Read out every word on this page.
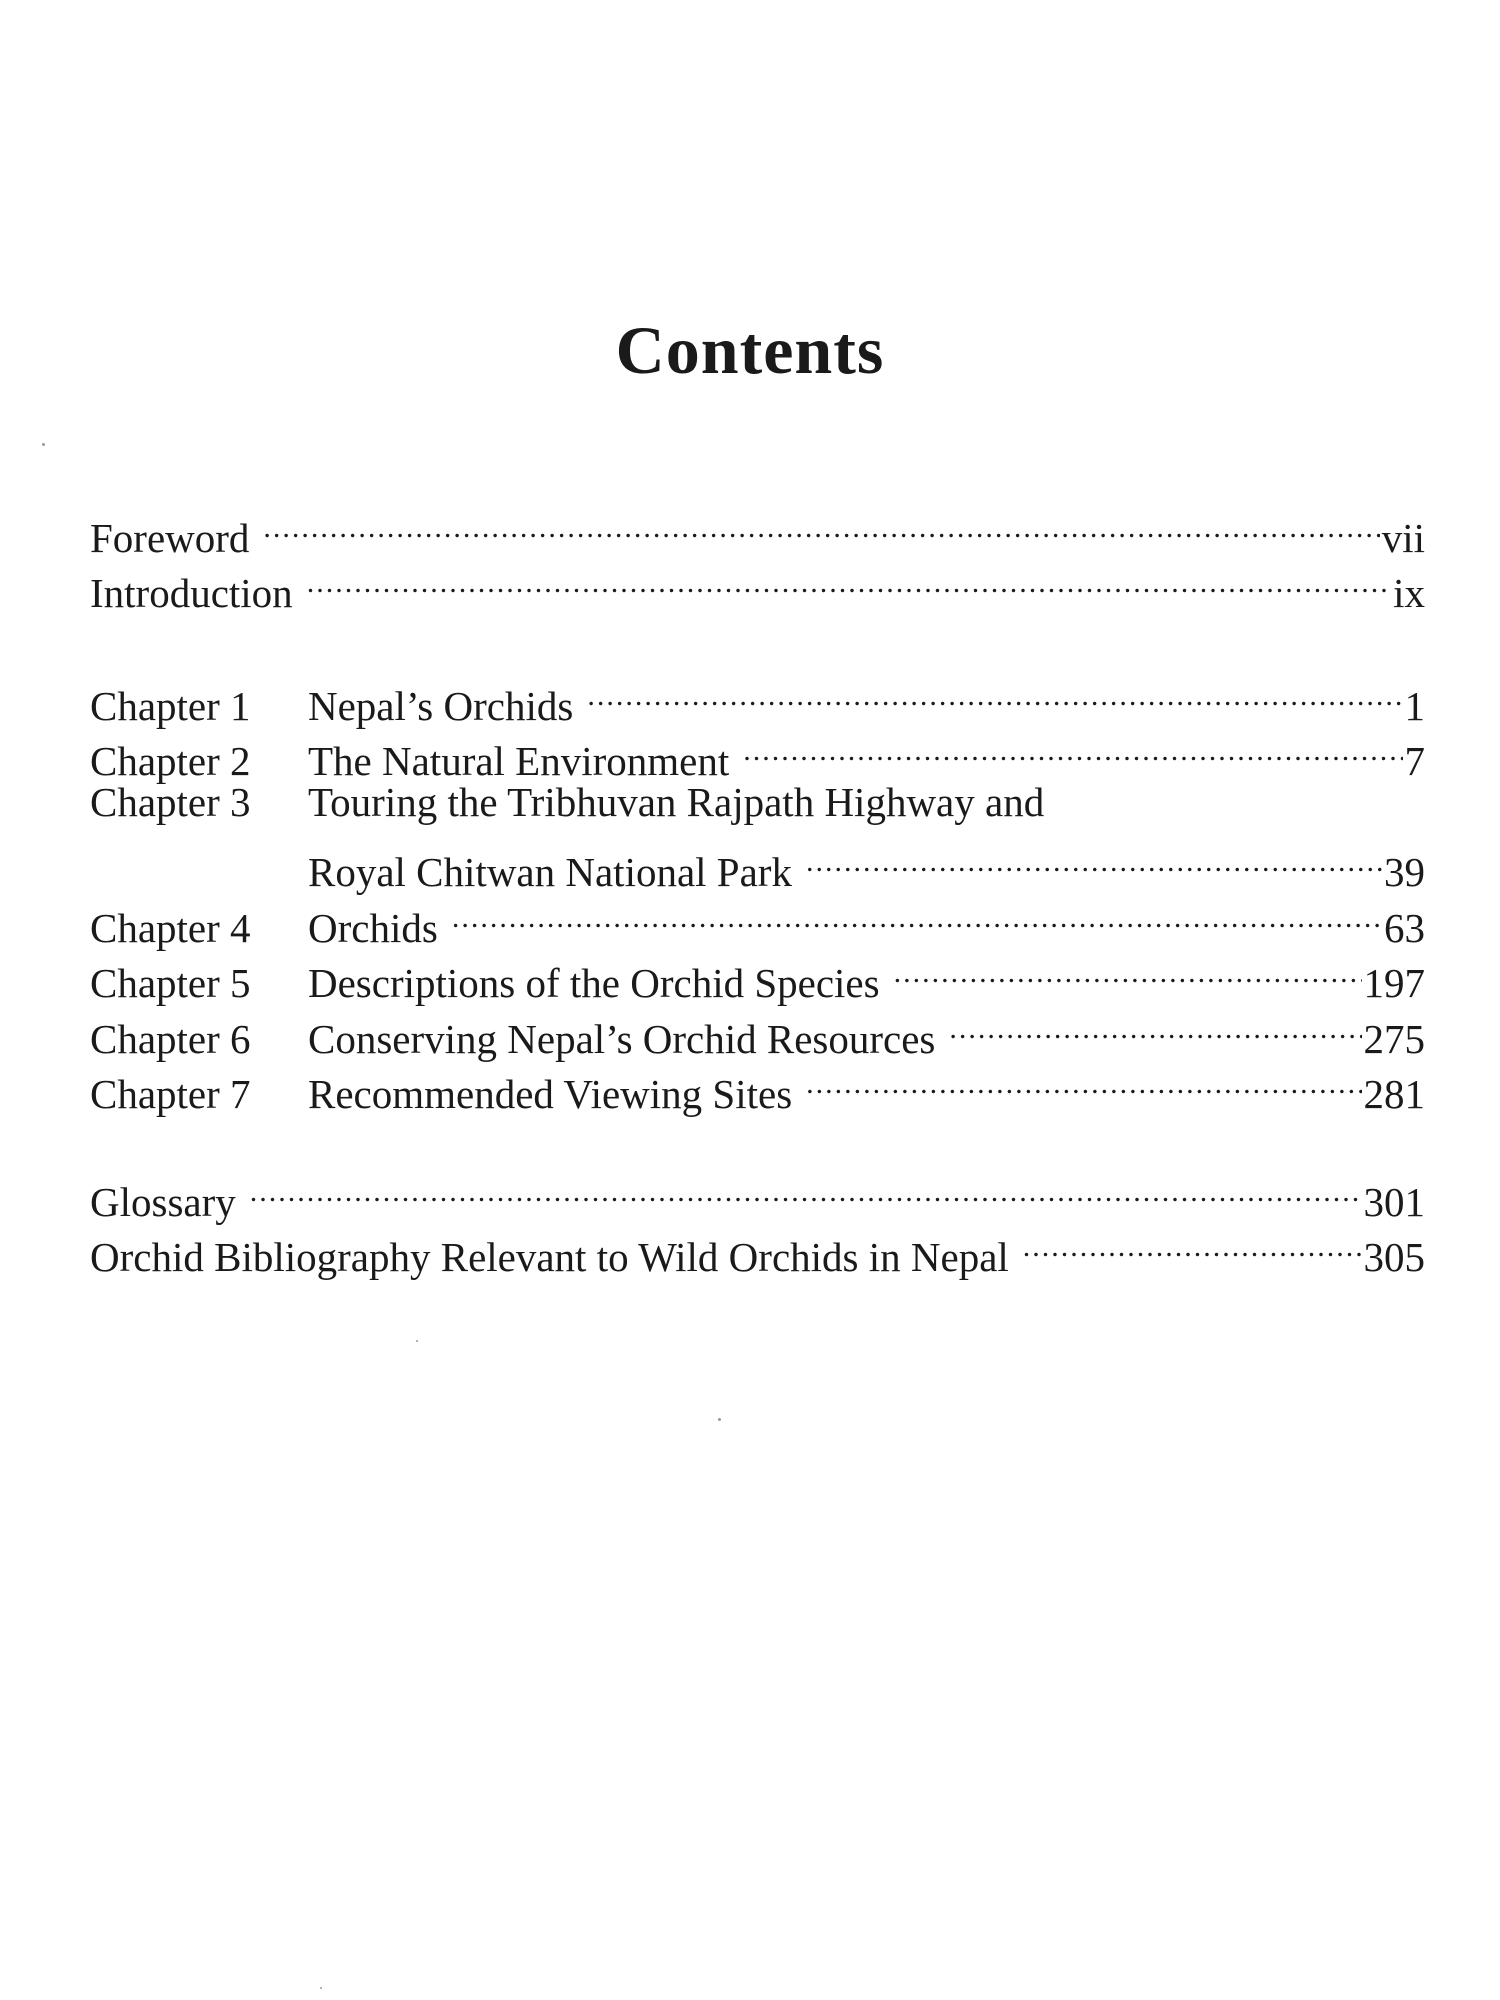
Contents
Foreword .....	vii
Introduction .....	ix
Chapter 1	Nepal’s Orchids .....	1
Chapter 2	The Natural Environment .....	7
Chapter 3	Touring the Tribhuvan Rajpath Highway and
Royal Chitwan National Park .....	39
Chapter 4	Orchids .....	63
Chapter 5	Descriptions of the Orchid Species .....	197
Chapter 6	Conserving Nepal’s Orchid Resources .....	275
Chapter 7	Recommended Viewing Sites .....	281
Glossary .....	301
Orchid Bibliography Relevant to Wild Orchids in Nepal .....	305
